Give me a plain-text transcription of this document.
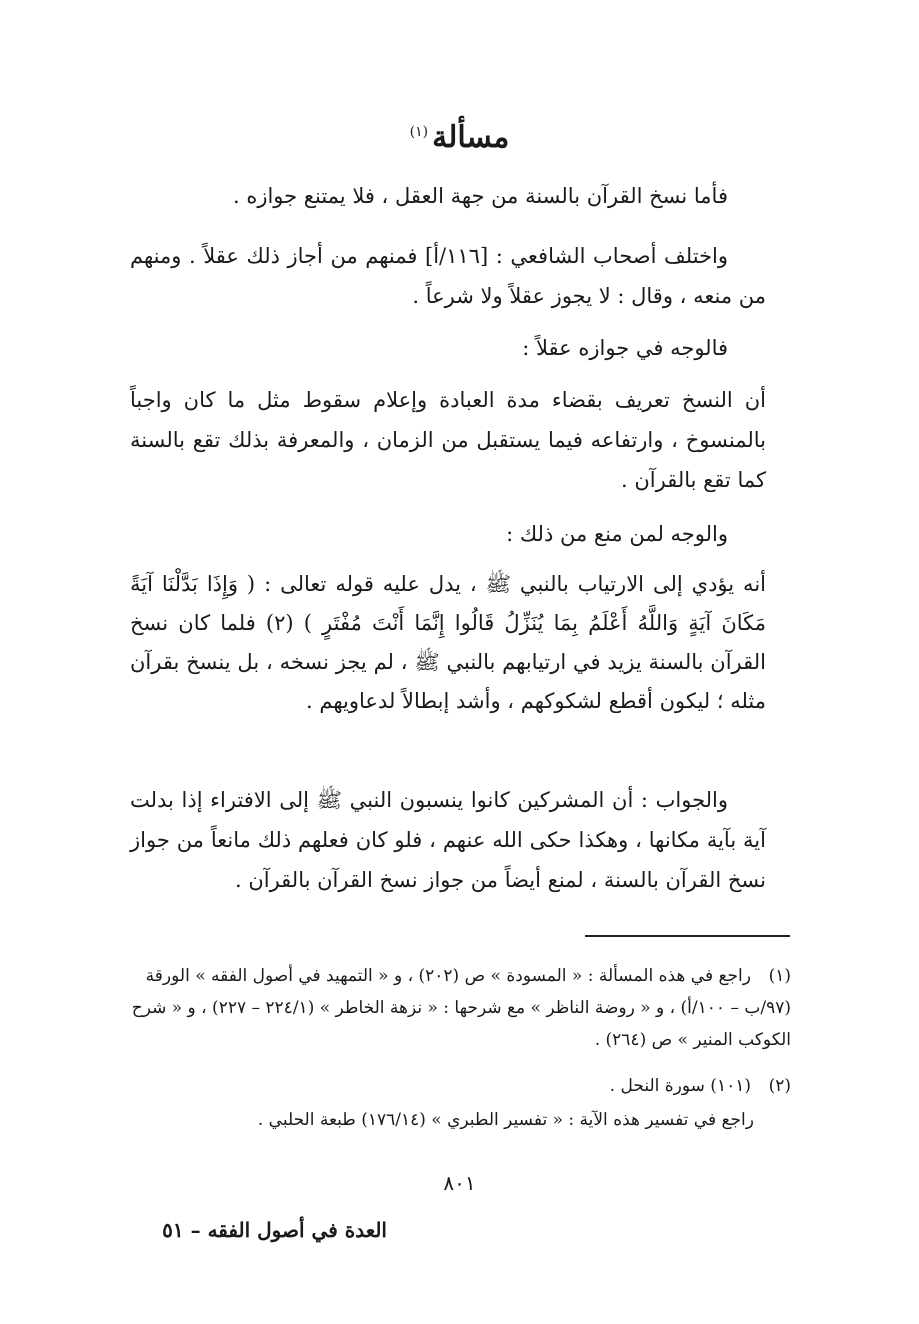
مسألة$^{(١)}$
فأما نسخ القرآن بالسنة من جهة العقل ، فلا يمتنع جوازه .
واختلف أصحاب الشافعي : [١١٦/أ] فمنهم من أجاز ذلك عقلاً . ومنهم من منعه ، وقال : لا يجوز عقلاً ولا شرعاً .
فالوجه في جوازه عقلاً :
أن النسخ تعريف بقضاء مدة العبادة وإعلام سقوط مثل ما كان واجباً بالمنسوخ ، وارتفاعه فيما يستقبل من الزمان ، والمعرفة بذلك تقع بالسنة كما تقع بالقرآن .
والوجه لمن منع من ذلك :
أنه يؤدي إلى الارتياب بالنبي ﷺ ، يدل عليه قوله تعالى : ( وَإِذَا بَدَّلْنَا آيَةً مَكَانَ آيَةٍ وَاللَّهُ أَعْلَمُ بِمَا يُنَزِّلُ قَالُوا إِنَّمَا أَنْتَ مُفْتَرٍ ) (٢) فلما كان نسخ القرآن بالسنة يزيد في ارتيابهم بالنبي ﷺ ، لم يجز نسخه ، بل ينسخ بقرآن مثله ؛ ليكون أقطع لشكوكهم ، وأشد إبطالاً لدعاويهم .
والجواب : أن المشركين كانوا ينسبون النبي ﷺ إلى الافتراء إذا بدلت آية بآية مكانها ، وهكذا حكى الله عنهم ، فلو كان فعلهم ذلك مانعاً من جواز نسخ القرآن بالسنة ، لمنع أيضاً من جواز نسخ القرآن بالقرآن .
(١)راجع في هذه المسألة : « المسودة » ص (٢٠٢) ، و « التمهيد في أصول الفقه » الورقة (٩٧/ب – ١٠٠/أ) ، و « روضة الناظر » مع شرحها : « نزهة الخاطر » (٢٢٤/١ – ٢٢٧) ، و « شرح الكوكب المنير » ص (٢٦٤) .
(٢)(١٠١) سورة النحل .
راجع في تفسير هذه الآية : « تفسير الطبري » (١٧٦/١٤) طبعة الحلبي .
٨٠١
العدة في أصول الفقه – ٥١
